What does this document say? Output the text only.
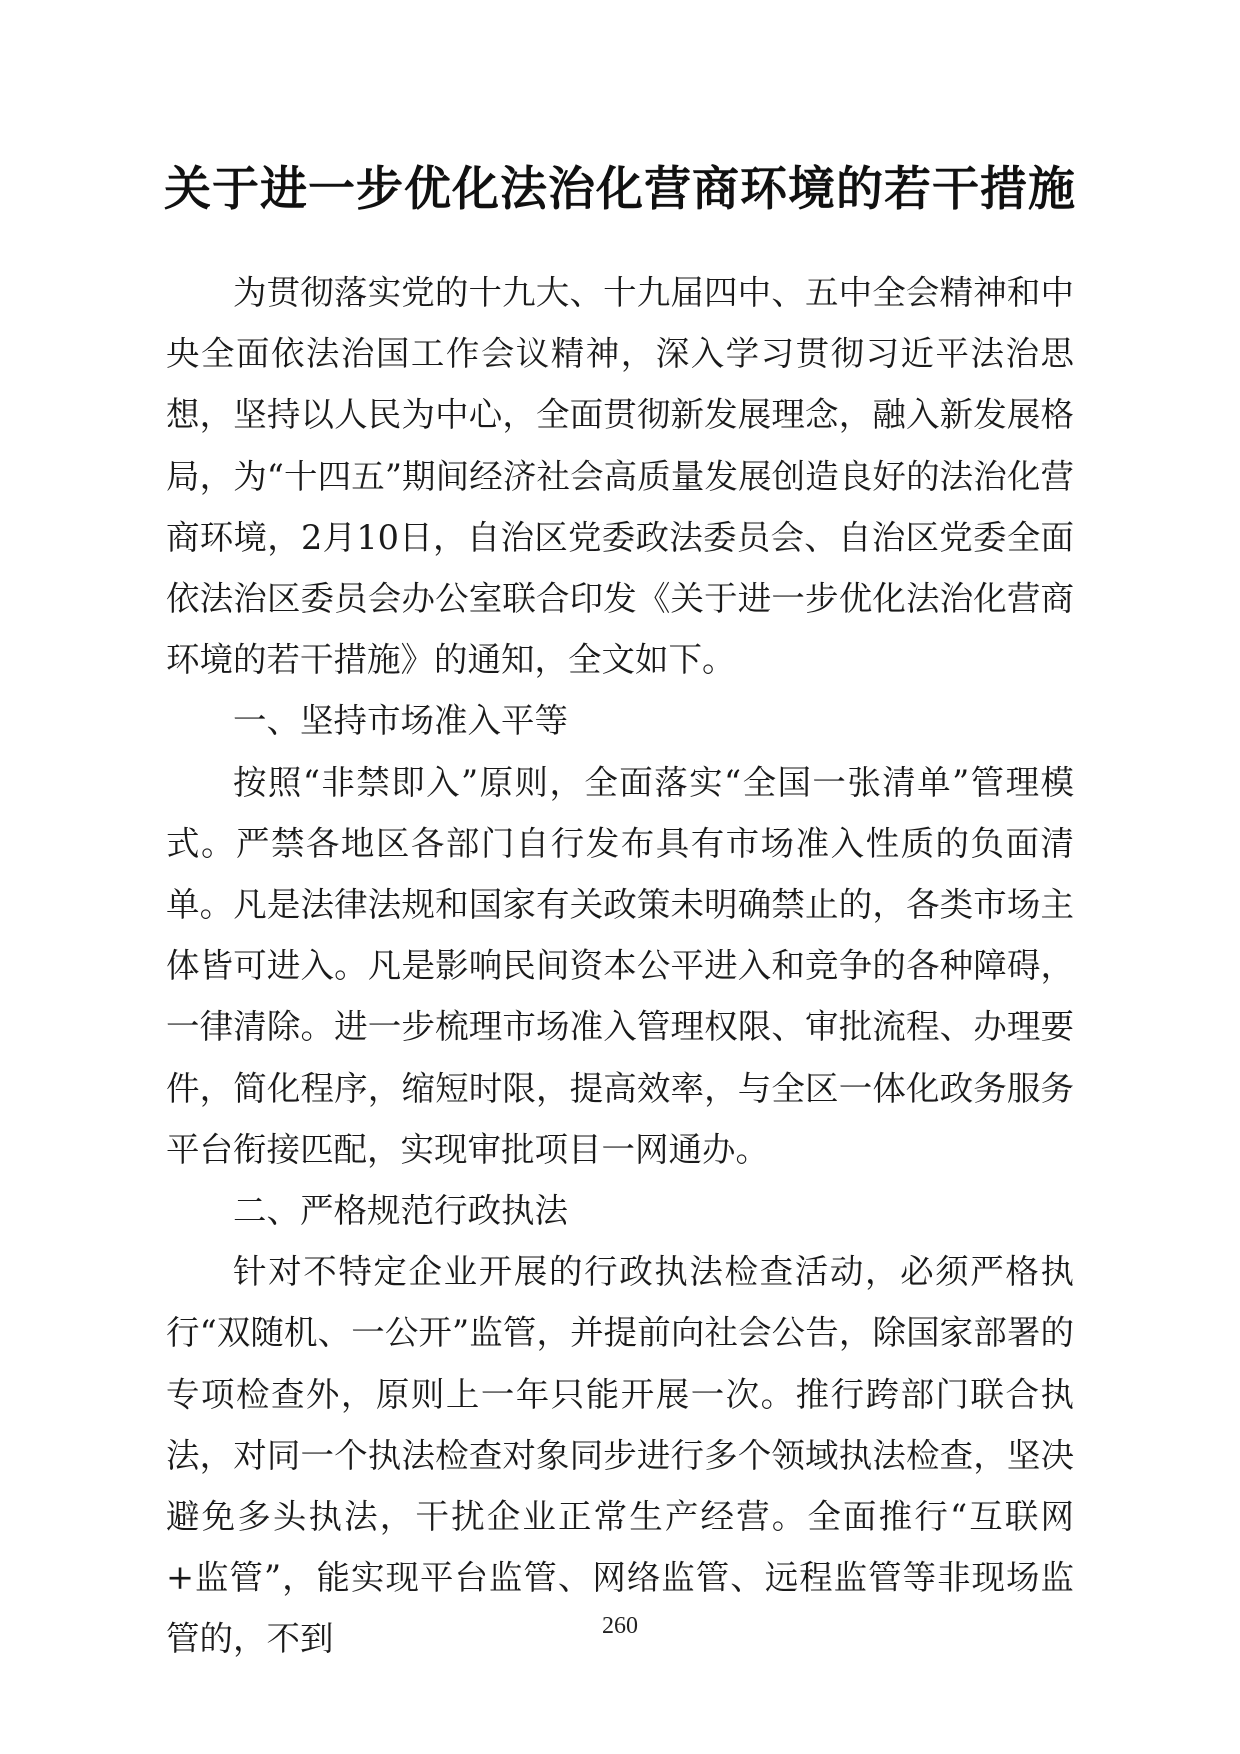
关于进一步优化法治化营商环境的若干措施

为贯彻落实党的十九大、十九届四中、五中全会精神和中央全面依法治国工作会议精神，深入学习贯彻习近平法治思想，坚持以人民为中心，全面贯彻新发展理念，融入新发展格局，为“十四五”期间经济社会高质量发展创造良好的法治化营商环境，2月10日，自治区党委政法委员会、自治区党委全面依法治区委员会办公室联合印发《关于进一步优化法治化营商环境的若干措施》的通知，全文如下。

一、坚持市场准入平等

按照“非禁即入”原则，全面落实“全国一张清单”管理模式。严禁各地区各部门自行发布具有市场准入性质的负面清单。凡是法律法规和国家有关政策未明确禁止的，各类市场主体皆可进入。凡是影响民间资本公平进入和竞争的各种障碍，一律清除。进一步梳理市场准入管理权限、审批流程、办理要件，简化程序，缩短时限，提高效率，与全区一体化政务服务平台衔接匹配，实现审批项目一网通办。

二、严格规范行政执法

针对不特定企业开展的行政执法检查活动，必须严格执行“双随机、一公开”监管，并提前向社会公告，除国家部署的专项检查外，原则上一年只能开展一次。推行跨部门联合执法，对同一个执法检查对象同步进行多个领域执法检查，坚决避免多头执法，干扰企业正常生产经营。全面推行“互联网+监管”，能实现平台监管、网络监管、远程监管等非现场监管的，不到	260
